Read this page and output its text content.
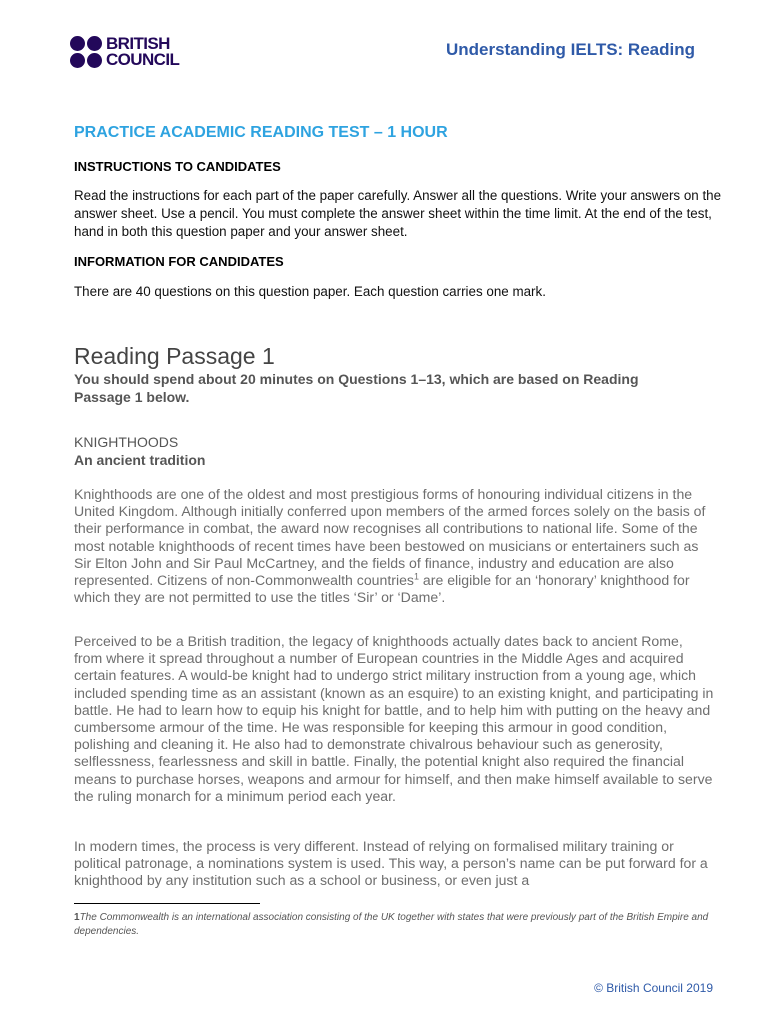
BRITISH
COUNCIL
Understanding IELTS: Reading
PRACTICE ACADEMIC READING TEST – 1 HOUR
INSTRUCTIONS TO CANDIDATES
Read the instructions for each part of the paper carefully. Answer all the questions. Write your answers on the answer sheet. Use a pencil. You must complete the answer sheet within the time limit. At the end of the test, hand in both this question paper and your answer sheet.
INFORMATION FOR CANDIDATES
There are 40 questions on this question paper. Each question carries one mark.
Reading Passage 1
You should spend about 20 minutes on Questions 1–13, which are based on Reading Passage 1 below.
KNIGHTHOODS
An ancient tradition
Knighthoods are one of the oldest and most prestigious forms of honouring individual citizens in the United Kingdom. Although initially conferred upon members of the armed forces solely on the basis of their performance in combat, the award now recognises all contributions to national life. Some of the most notable knighthoods of recent times have been bestowed on musicians or entertainers such as Sir Elton John and Sir Paul McCartney, and the fields of finance, industry and education are also represented. Citizens of non-Commonwealth countries$^1$ are eligible for an ‘honorary’ knighthood for which they are not permitted to use the titles ‘Sir’ or ‘Dame’.
Perceived to be a British tradition, the legacy of knighthoods actually dates back to ancient Rome, from where it spread throughout a number of European countries in the Middle Ages and acquired certain features. A would-be knight had to undergo strict military instruction from a young age, which included spending time as an assistant (known as an esquire) to an existing knight, and participating in battle. He had to learn how to equip his knight for battle, and to help him with putting on the heavy and cumbersome armour of the time. He was responsible for keeping this armour in good condition, polishing and cleaning it. He also had to demonstrate chivalrous behaviour such as generosity, selflessness, fearlessness and skill in battle. Finally, the potential knight also required the financial means to purchase horses, weapons and armour for himself, and then make himself available to serve the ruling monarch for a minimum period each year.
In modern times, the process is very different. Instead of relying on formalised military training or political patronage, a nominations system is used. This way, a person’s name can be put forward for a knighthood by any institution such as a school or business, or even just a
1The Commonwealth is an international association consisting of the UK together with states that were previously part of the British Empire and dependencies.
© British Council 2019
